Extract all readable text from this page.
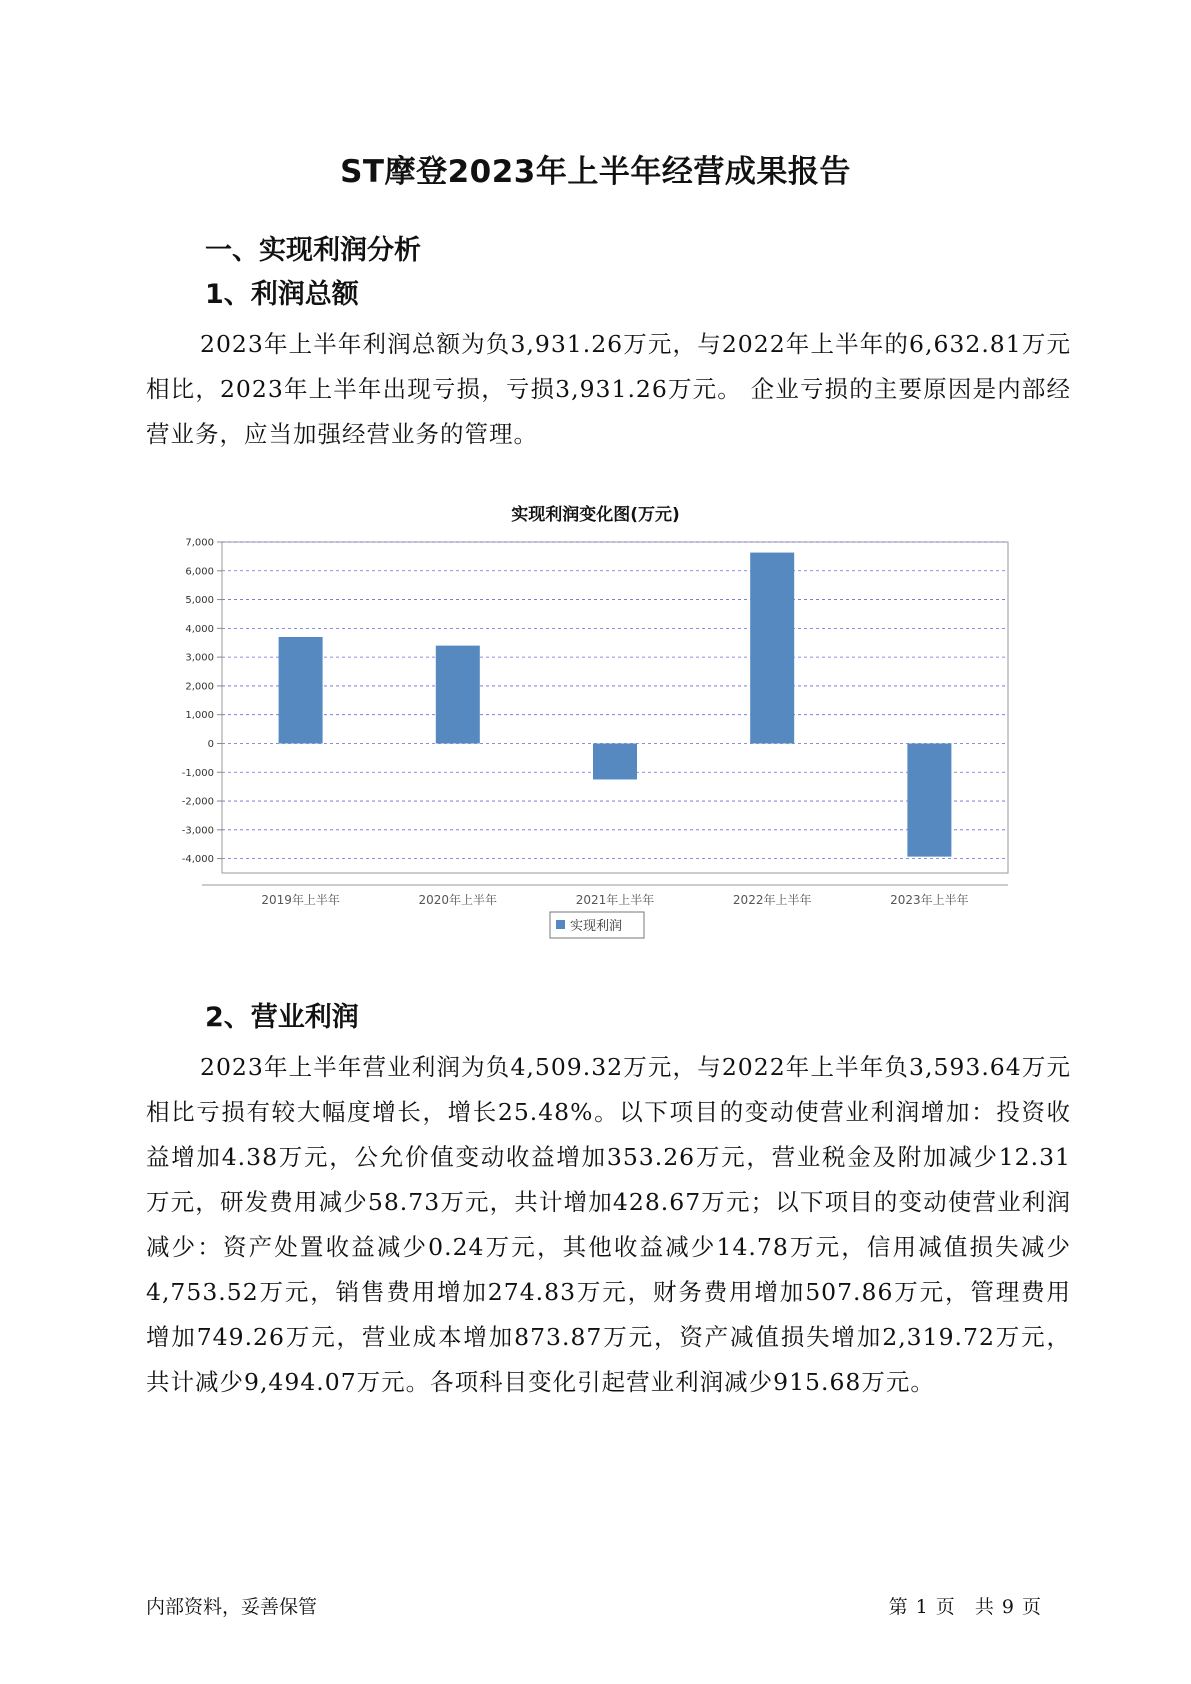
ST摩登2023年上半年经营成果报告
一、实现利润分析
1、利润总额
2023年上半年利润总额为负3,931.26万元，与2022年上半年的6,632.81万元相比，2023年上半年出现亏损，亏损3,931.26万元。 企业亏损的主要原因是内部经营业务，应当加强经营业务的管理。
实现利润变化图(万元)
7,000
6,000
5,000
4,000
3,000
2,000
1,000
0
-1,000
-2,000
-3,000
-4,000
2019年上半年	2020年上半年	2021年上半年	2022年上半年	2023年上半年
实现利润
2、营业利润
2023年上半年营业利润为负4,509.32万元，与2022年上半年负3,593.64万元相比亏损有较大幅度增长，增长25.48%。以下项目的变动使营业利润增加：投资收益增加4.38万元，公允价值变动收益增加353.26万元，营业税金及附加减少12.31万元，研发费用减少58.73万元，共计增加428.67万元；以下项目的变动使营业利润减少：资产处置收益减少0.24万元，其他收益减少14.78万元，信用减值损失减少4,753.52万元，销售费用增加274.83万元，财务费用增加507.86万元，管理费用增加749.26万元，营业成本增加873.87万元，资产减值损失增加2,319.72万元，共计减少9,494.07万元。各项科目变化引起营业利润减少915.68万元。
内部资料，妥善保管	第 1 页 共 9 页
